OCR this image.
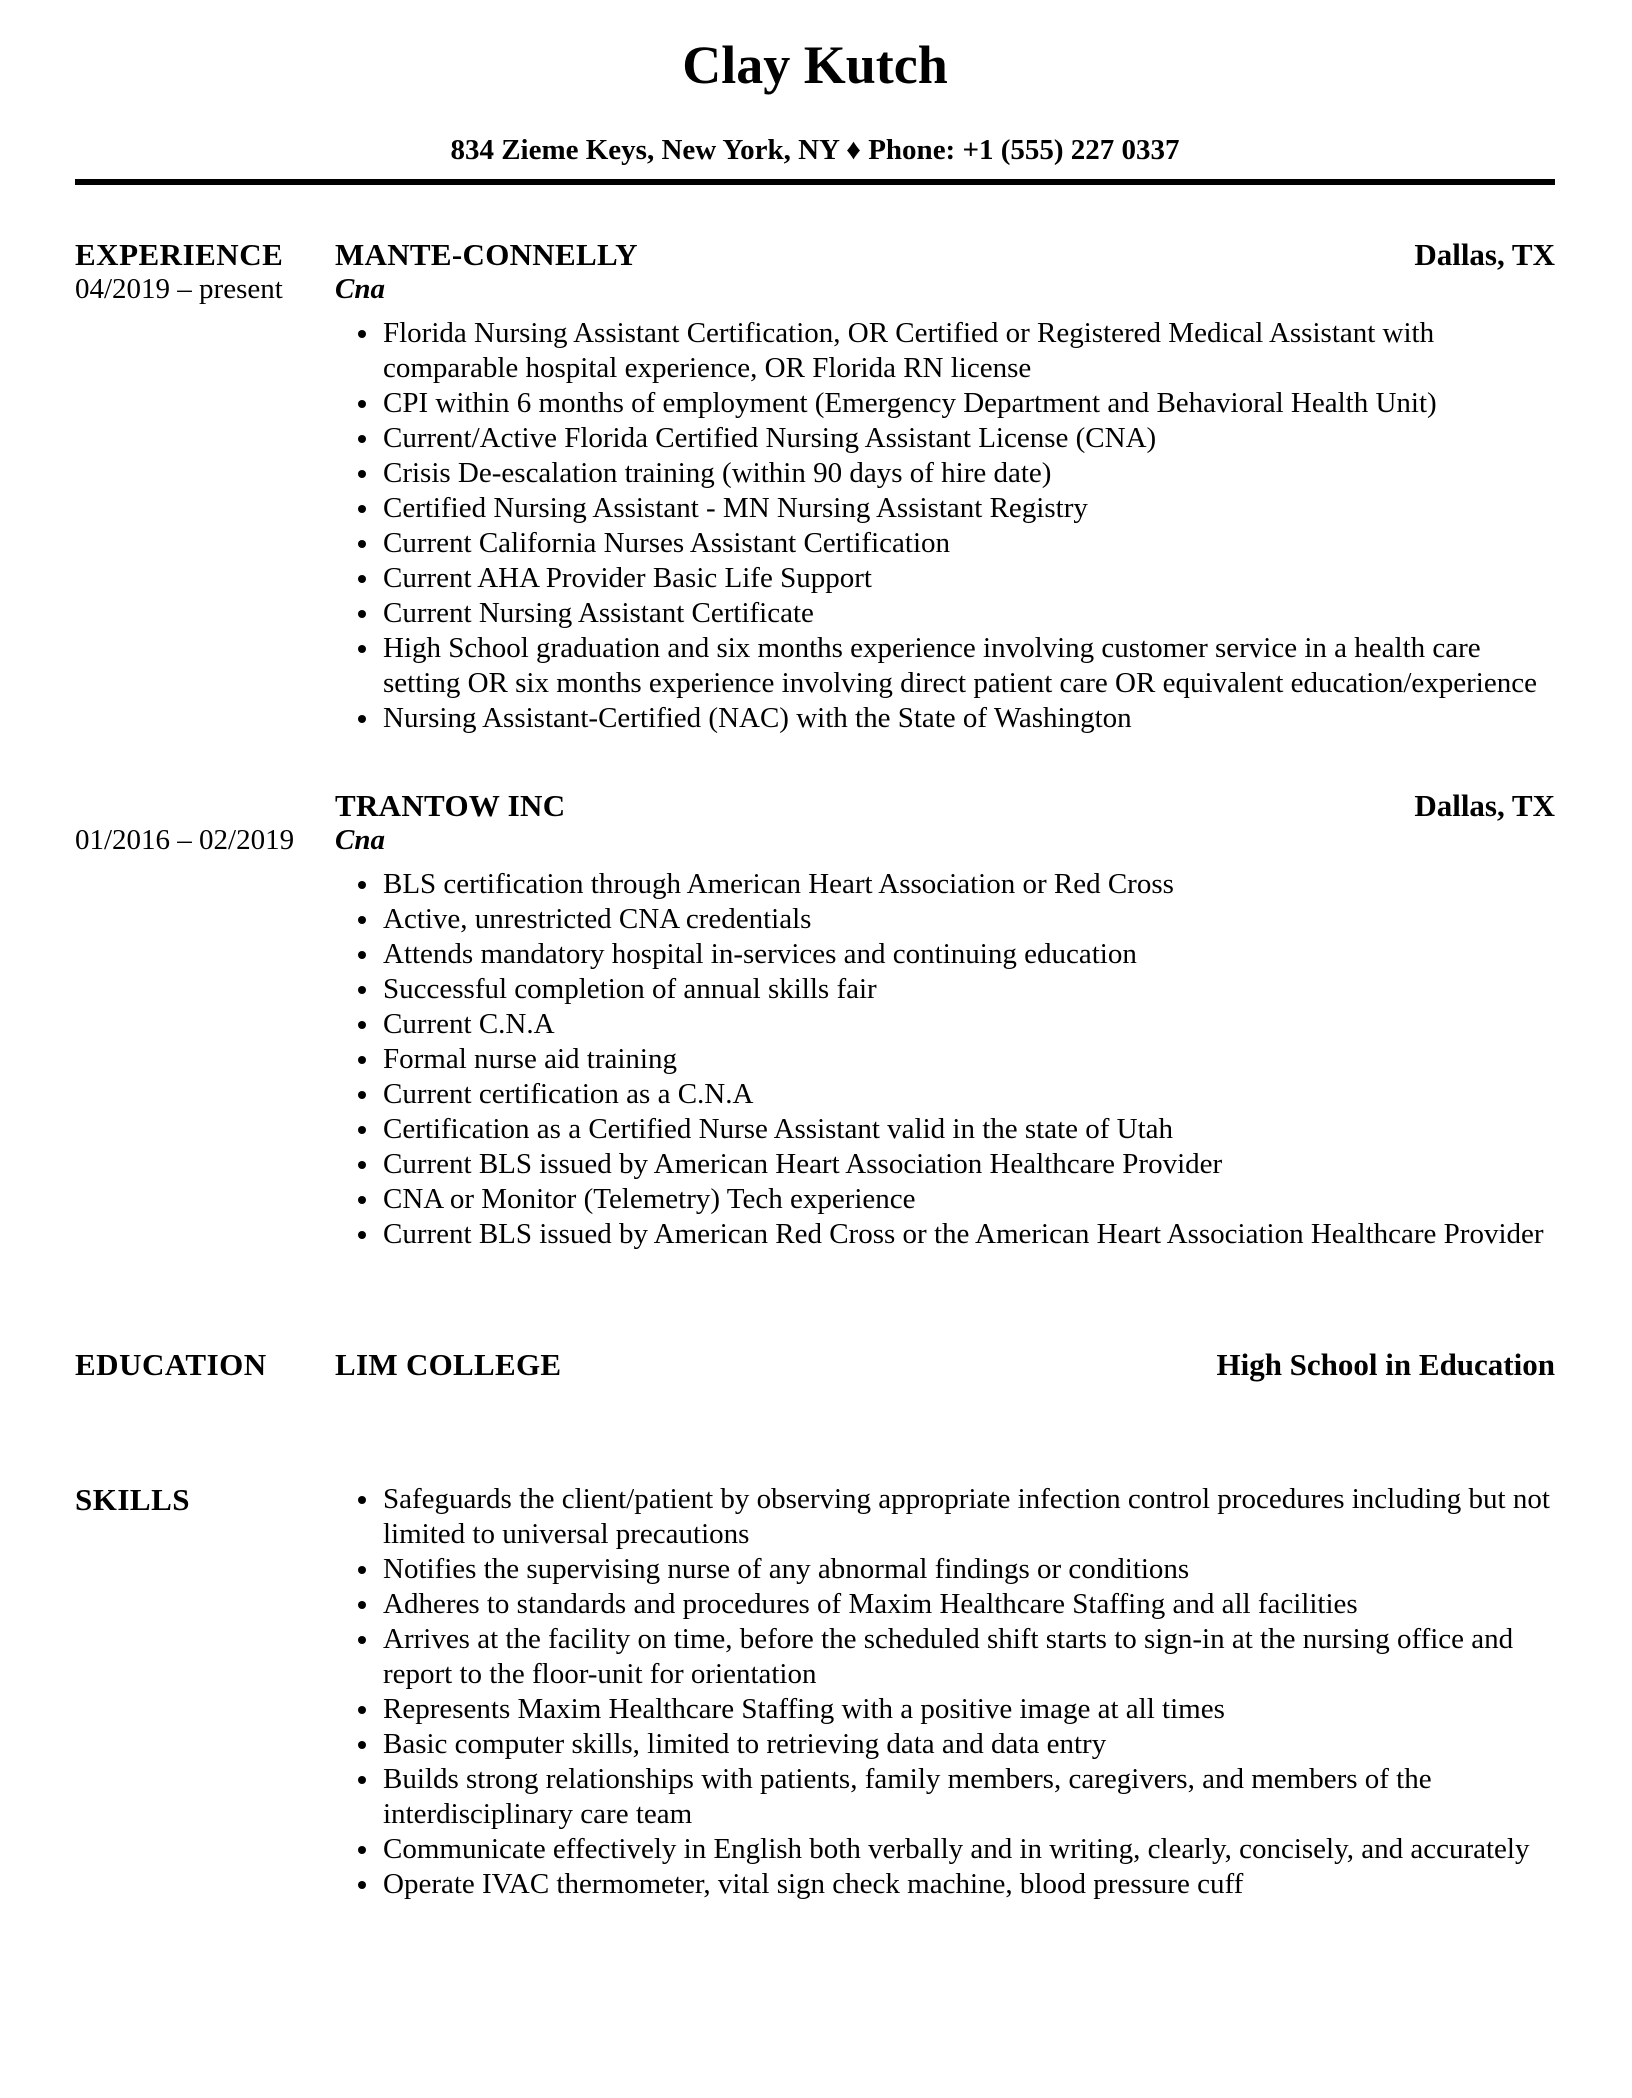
Clay Kutch
834 Zieme Keys, New York, NY ♦ Phone: +1 (555) 227 0337
EXPERIENCE
04/2019 – present
MANTE-CONNELLY	Dallas, TX
Cna
• Florida Nursing Assistant Certification, OR Certified or Registered Medical Assistant with comparable hospital experience, OR Florida RN license
• CPI within 6 months of employment (Emergency Department and Behavioral Health Unit)
• Current/Active Florida Certified Nursing Assistant License (CNA)
• Crisis De-escalation training (within 90 days of hire date)
• Certified Nursing Assistant - MN Nursing Assistant Registry
• Current California Nurses Assistant Certification
• Current AHA Provider Basic Life Support
• Current Nursing Assistant Certificate
• High School graduation and six months experience involving customer service in a health care setting OR six months experience involving direct patient care OR equivalent education/experience
• Nursing Assistant-Certified (NAC) with the State of Washington
01/2016 – 02/2019
TRANTOW INC	Dallas, TX
Cna
• BLS certification through American Heart Association or Red Cross
• Active, unrestricted CNA credentials
• Attends mandatory hospital in-services and continuing education
• Successful completion of annual skills fair
• Current C.N.A
• Formal nurse aid training
• Current certification as a C.N.A
• Certification as a Certified Nurse Assistant valid in the state of Utah
• Current BLS issued by American Heart Association Healthcare Provider
• CNA or Monitor (Telemetry) Tech experience
• Current BLS issued by American Red Cross or the American Heart Association Healthcare Provider
EDUCATION	LIM COLLEGE	High School in Education
SKILLS	• Safeguards the client/patient by observing appropriate infection control procedures including but not limited to universal precautions
• Notifies the supervising nurse of any abnormal findings or conditions
• Adheres to standards and procedures of Maxim Healthcare Staffing and all facilities
• Arrives at the facility on time, before the scheduled shift starts to sign-in at the nursing office and report to the floor-unit for orientation
• Represents Maxim Healthcare Staffing with a positive image at all times
• Basic computer skills, limited to retrieving data and data entry
• Builds strong relationships with patients, family members, caregivers, and members of the interdisciplinary care team
• Communicate effectively in English both verbally and in writing, clearly, concisely, and accurately
• Operate IVAC thermometer, vital sign check machine, blood pressure cuff
